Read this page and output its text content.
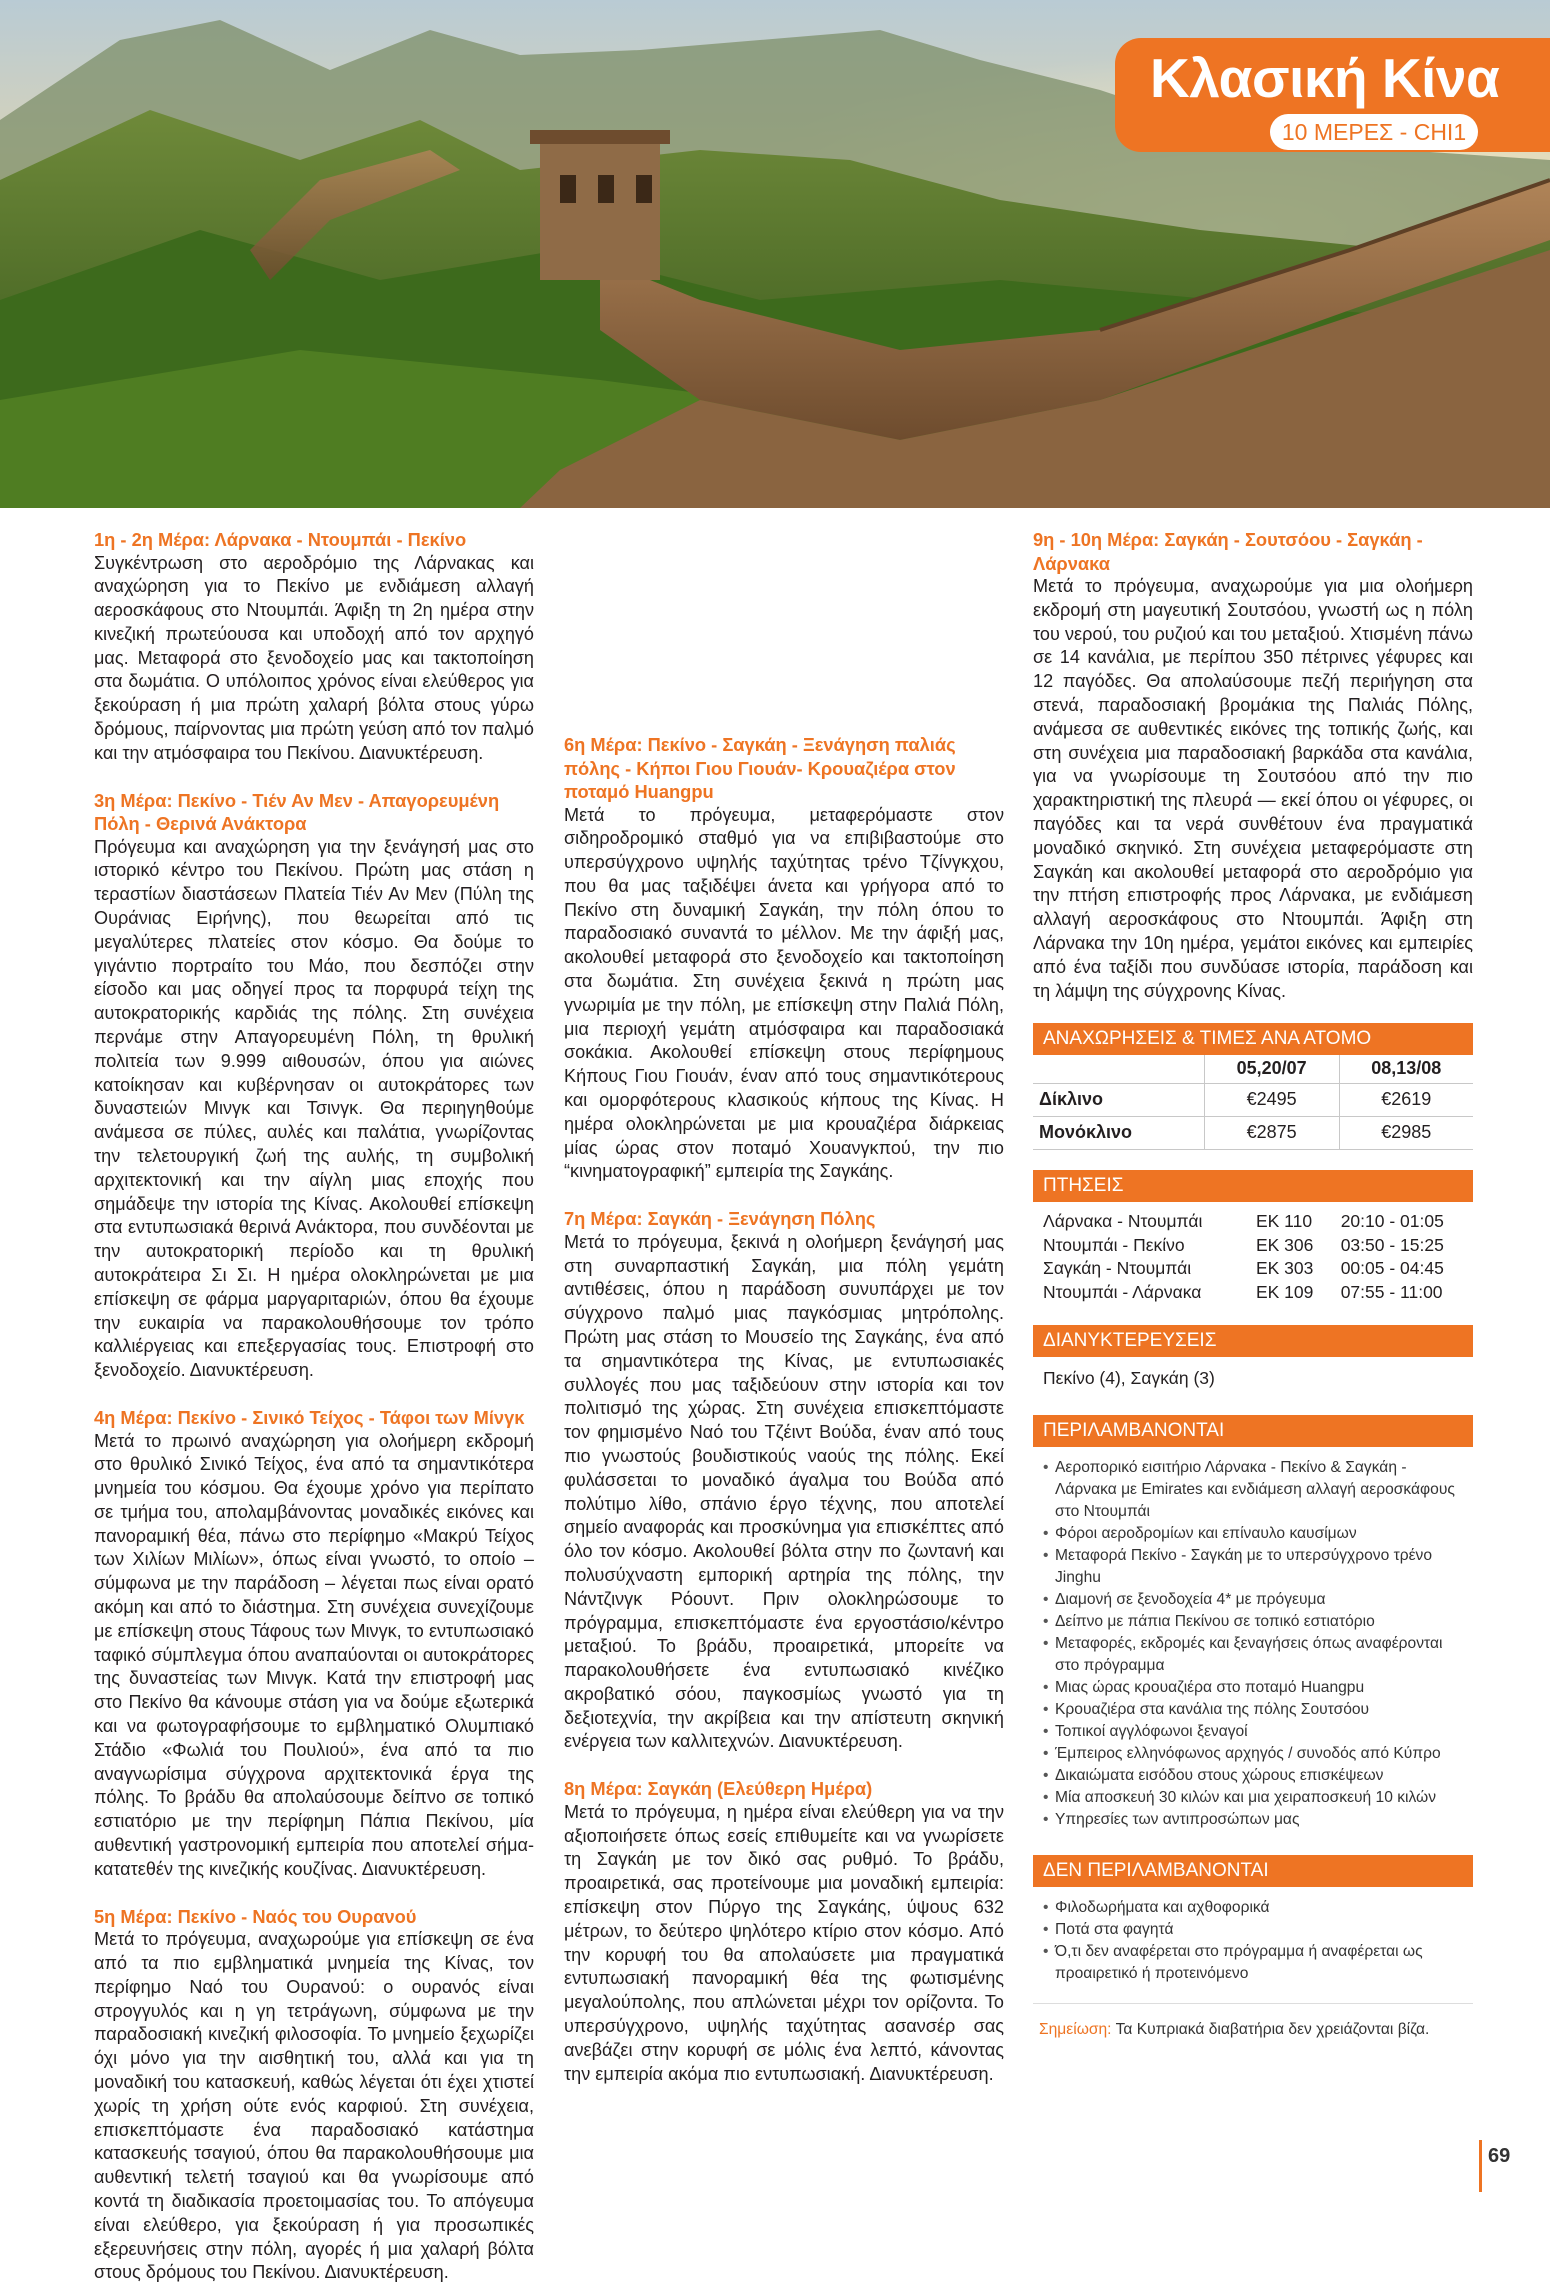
Κλασική Κίνα
10 ΜΕΡΕΣ - CHI1
1η - 2η Μέρα: Λάρνακα - Ντουμπάι - Πεκίνο

Συγκέντρωση στο αεροδρόμιο της Λάρνακας και αναχώρηση για το Πεκίνο με ενδιάμεση αλλαγή αεροσκάφους στο Ντουμπάι. Άφιξη τη 2η ημέρα στην κινεζική πρωτεύουσα και υποδοχή από τον αρχηγό μας. Μεταφορά στο ξενοδοχείο μας και τακτοποίηση στα δωμάτια. Ο υπόλοιπος χρόνος είναι ελεύθερος για ξεκούραση ή μια πρώτη χαλαρή βόλτα στους γύρω δρόμους, παίρνοντας μια πρώτη γεύση από τον παλμό και την ατμόσφαιρα του Πεκίνου. Διανυκτέρευση.

3η Μέρα: Πεκίνο - Τιέν Αν Μεν - Απαγορευμένη Πόλη - Θερινά Ανάκτορα

Πρόγευμα και αναχώρηση για την ξενάγησή μας στο ιστορικό κέντρο του Πεκίνου. Πρώτη μας στάση η τεραστίων διαστάσεων Πλατεία Τιέν Αν Μεν (Πύλη της Ουράνιας Ειρήνης), που θεωρείται από τις μεγαλύτερες πλατείες στον κόσμο. Θα δούμε το γιγάντιο πορτραίτο του Μάο, που δεσπόζει στην είσοδο και μας οδηγεί προς τα πορφυρά τείχη της αυτοκρατορικής καρδιάς της πόλης. Στη συνέχεια περνάμε στην Απαγορευμένη Πόλη, τη θρυλική πολιτεία των 9.999 αιθουσών, όπου για αιώνες κατοίκησαν και κυβέρνησαν οι αυτοκράτορες των δυναστειών Μινγκ και Τσινγκ. Θα περιηγηθούμε ανάμεσα σε πύλες, αυλές και παλάτια, γνωρίζοντας την τελετουργική ζωή της αυλής, τη συμβολική αρχιτεκτονική και την αίγλη μιας εποχής που σημάδεψε την ιστορία της Κίνας. Ακολουθεί επίσκεψη στα εντυπωσιακά θερινά Ανάκτορα, που συνδέονται με την αυτοκρατορική περίοδο και τη θρυλική αυτοκράτειρα Σι Σι. Η ημέρα ολοκληρώνεται με μια επίσκεψη σε φάρμα μαργαριταριών, όπου θα έχουμε την ευκαιρία να παρακολουθήσουμε τον τρόπο καλλιέργειας και επεξεργασίας τους. Επιστροφή στο ξενοδοχείο. Διανυκτέρευση.

4η Μέρα: Πεκίνο - Σινικό Τείχος - Τάφοι των Μίνγκ

Μετά το πρωινό αναχώρηση για ολοήμερη εκδρομή στο θρυλικό Σινικό Τείχος, ένα από τα σημαντικότερα μνημεία του κόσμου. Θα έχουμε χρόνο για περίπατο σε τμήμα του, απολαμβάνοντας μοναδικές εικόνες και πανοραμική θέα, πάνω στο περίφημο «Μακρύ Τείχος των Χιλίων Μιλίων», όπως είναι γνωστό, το οποίο – σύμφωνα με την παράδοση – λέγεται πως είναι ορατό ακόμη και από το διάστημα. Στη συνέχεια συνεχίζουμε με επίσκεψη στους Τάφους των Μινγκ, το εντυπωσιακό ταφικό σύμπλεγμα όπου αναπαύονται οι αυτοκράτορες της δυναστείας των Μινγκ. Κατά την επιστροφή μας στο Πεκίνο θα κάνουμε στάση για να δούμε εξωτερικά και να φωτογραφήσουμε το εμβληματικό Ολυμπιακό Στάδιο «Φωλιά του Πουλιού», ένα από τα πιο αναγνωρίσιμα σύγχρονα αρχιτεκτονικά έργα της πόλης. Το βράδυ θα απολαύσουμε δείπνο σε τοπικό εστιατόριο με την περίφημη Πάπια Πεκίνου, μία αυθεντική γαστρονομική εμπειρία που αποτελεί σήμα-κατατεθέν της κινεζικής κουζίνας. Διανυκτέρευση.

5η Μέρα: Πεκίνο - Ναός του Ουρανού

Μετά το πρόγευμα, αναχωρούμε για επίσκεψη σε ένα από τα πιο εμβληματικά μνημεία της Κίνας, τον περίφημο Ναό του Ουρανού: ο ουρανός είναι στρογγυλός και η γη τετράγωνη, σύμφωνα με την παραδοσιακή κινεζική φιλοσοφία. Το μνημείο ξεχωρίζει όχι μόνο για την αισθητική του, αλλά και για τη μοναδική του κατασκευή, καθώς λέγεται ότι έχει χτιστεί χωρίς τη χρήση ούτε ενός καρφιού. Στη συνέχεια, επισκεπτόμαστε ένα παραδοσιακό κατάστημα κατασκευής τσαγιού, όπου θα παρακολουθήσουμε μια αυθεντική τελετή τσαγιού και θα γνωρίσουμε από κοντά τη διαδικασία προετοιμασίας του. Το απόγευμα είναι ελεύθερο, για ξεκούραση ή για προσωπικές εξερευνήσεις στην πόλη, αγορές ή μια χαλαρή βόλτα στους δρόμους του Πεκίνου. Διανυκτέρευση.

6η Μέρα: Πεκίνο - Σαγκάη - Ξενάγηση παλιάς πόλης - Κήποι Γιου Γιουάν- Κρουαζιέρα στον ποταμό Huangpu

Μετά το πρόγευμα, μεταφερόμαστε στον σιδηροδρομικό σταθμό για να επιβιβαστούμε στο υπερσύγχρονο υψηλής ταχύτητας τρένο Τζίνγκχου, που θα μας ταξιδέψει άνετα και γρήγορα από το Πεκίνο στη δυναμική Σαγκάη, την πόλη όπου το παραδοσιακό συναντά το μέλλον. Με την άφιξή μας, ακολουθεί μεταφορά στο ξενοδοχείο και τακτοποίηση στα δωμάτια. Στη συνέχεια ξεκινά η πρώτη μας γνωριμία με την πόλη, με επίσκεψη στην Παλιά Πόλη, μια περιοχή γεμάτη ατμόσφαιρα και παραδοσιακά σοκάκια. Ακολουθεί επίσκεψη στους περίφημους Κήπους Γιου Γιουάν, έναν από τους σημαντικότερους και ομορφότερους κλασικούς κήπους της Κίνας. Η ημέρα ολοκληρώνεται με μια κρουαζιέρα διάρκειας μίας ώρας στον ποταμό Χουανγκπού, την πιο “κινηματογραφική” εμπειρία της Σαγκάης.

7η Μέρα: Σαγκάη - Ξενάγηση Πόλης

Μετά το πρόγευμα, ξεκινά η ολοήμερη ξενάγησή μας στη συναρπαστική Σαγκάη, μια πόλη γεμάτη αντιθέσεις, όπου η παράδοση συνυπάρχει με τον σύγχρονο παλμό μιας παγκόσμιας μητρόπολης. Πρώτη μας στάση το Μουσείο της Σαγκάης, ένα από τα σημαντικότερα της Κίνας, με εντυπωσιακές συλλογές που μας ταξιδεύουν στην ιστορία και τον πολιτισμό της χώρας. Στη συνέχεια επισκεπτόμαστε τον φημισμένο Ναό του Τζέιντ Βούδα, έναν από τους πιο γνωστούς βουδιστικούς ναούς της πόλης. Εκεί φυλάσσεται το μοναδικό άγαλμα του Βούδα από πολύτιμο λίθο, σπάνιο έργο τέχνης, που αποτελεί σημείο αναφοράς και προσκύνημα για επισκέπτες από όλο τον κόσμο. Ακολουθεί βόλτα στην πο ζωντανή και πολυσύχναστη εμπορική αρτηρία της πόλης, την Νάντζινγκ Ρόουντ. Πριν ολοκληρώσουμε το πρόγραμμα, επισκεπτόμαστε ένα εργοστάσιο/κέντρο μεταξιού. Το βράδυ, προαιρετικά, μπορείτε να παρακολουθήσετε ένα εντυπωσιακό κινέζικο ακροβατικό σόου, παγκοσμίως γνωστό για τη δεξιοτεχνία, την ακρίβεια και την απίστευτη σκηνική ενέργεια των καλλιτεχνών. Διανυκτέρευση.

8η Μέρα: Σαγκάη (Ελεύθερη Ημέρα)

Μετά το πρόγευμα, η ημέρα είναι ελεύθερη για να την αξιοποιήσετε όπως εσείς επιθυμείτε και να γνωρίσετε τη Σαγκάη με τον δικό σας ρυθμό. Το βράδυ, προαιρετικά, σας προτείνουμε μια μοναδική εμπειρία: επίσκεψη στον Πύργο της Σαγκάης, ύψους 632 μέτρων, το δεύτερο ψηλότερο κτίριο στον κόσμο. Από την κορυφή του θα απολαύσετε μια πραγματικά εντυπωσιακή πανοραμική θέα της φωτισμένης μεγαλούπολης, που απλώνεται μέχρι τον ορίζοντα. Το υπερσύγχρονο, υψηλής ταχύτητας ασανσέρ σας ανεβάζει στην κορυφή σε μόλις ένα λεπτό, κάνοντας την εμπειρία ακόμα πιο εντυπωσιακή. Διανυκτέρευση.

9η - 10η Μέρα: Σαγκάη - Σουτσόου - Σαγκάη - Λάρνακα

Μετά το πρόγευμα, αναχωρούμε για μια ολοήμερη εκδρομή στη μαγευτική Σουτσόου, γνωστή ως η πόλη του νερού, του ρυζιού και του μεταξιού. Χτισμένη πάνω σε 14 κανάλια, με περίπου 350 πέτρινες γέφυρες και 12 παγόδες. Θα απολαύσουμε πεζή περιήγηση στα στενά, παραδοσιακή βρομάκια της Παλιάς Πόλης, ανάμεσα σε αυθεντικές εικόνες της τοπικής ζωής, και στη συνέχεια μια παραδοσιακή βαρκάδα στα κανάλια, για να γνωρίσουμε τη Σουτσόου από την πιο χαρακτηριστική της πλευρά — εκεί όπου οι γέφυρες, οι παγόδες και τα νερά συνθέτουν ένα πραγματικά μοναδικό σκηνικό. Στη συνέχεια μεταφερόμαστε στη Σαγκάη και ακολουθεί μεταφορά στο αεροδρόμιο για την πτήση επιστροφής προς Λάρνακα, με ενδιάμεση αλλαγή αεροσκάφους στο Ντουμπάι. Άφιξη στη Λάρνακα την 10η ημέρα, γεμάτοι εικόνες και εμπειρίες από ένα ταξίδι που συνδύασε ιστορία, παράδοση και τη λάμψη της σύγχρονης Κίνας.

ΑΝΑΧΩΡΗΣΕΙΣ & ΤΙΜΕΣ ΑΝΑ ΑΤΟΜΟ
	05,20/07	08,13/08
Δίκλινο	€2495	€2619
Μονόκλινο	€2875	€2985
ΠΤΗΣΕΙΣ
Λάρνακα - Ντουμπάι	EK 110	20:10 - 01:05
Ντουμπάι - Πεκίνο	EK 306	03:50 - 15:25
Σαγκάη - Ντουμπάι	EK 303	00:05 - 04:45
Ντουμπάι - Λάρνακα	EK 109	07:55 - 11:00
ΔΙΑΝΥΚΤΕΡΕΥΣΕΙΣ
Πεκίνο (4), Σαγκάη (3)
ΠΕΡΙΛΑΜΒΑΝΟΝΤΑΙ
• Αεροπορικό εισιτήριο Λάρνακα - Πεκίνο & Σαγκάη - Λάρνακα με Emirates και ενδιάμεση αλλαγή αεροσκάφους στο Ντουμπάι
• Φόροι αεροδρομίων και επίναυλο καυσίμων
• Μεταφορά Πεκίνο - Σαγκάη με το υπερσύγχρονο τρένο Jinghu
• Διαμονή σε ξενοδοχεία 4* με πρόγευμα
• Δείπνο με πάπια Πεκίνου σε τοπικό εστιατόριο
• Μεταφορές, εκδρομές και ξεναγήσεις όπως αναφέρονται στο πρόγραμμα
• Μιας ώρας κρουαζιέρα στο ποταμό Huangpu
• Κρουαζιέρα στα κανάλια της πόλης Σουτσόου
• Τοπικοί αγγλόφωνοι ξεναγοί
• Έμπειρος ελληνόφωνος αρχηγός / συνοδός από Κύπρο
• Δικαιώματα εισόδου στους χώρους επισκέψεων
• Μία αποσκευή 30 κιλών και μια χειραποσκευή 10 κιλών
• Υπηρεσίες των αντιπροσώπων μας
ΔΕΝ ΠΕΡΙΛΑΜΒΑΝΟΝΤΑΙ
• Φιλοδωρήματα και αχθοφορικά
• Ποτά στα φαγητά
• Ό,τι δεν αναφέρεται στο πρόγραμμα ή αναφέρεται ως προαιρετικό ή προτεινόμενο
Σημείωση: Τα Κυπριακά διαβατήρια δεν χρειάζονται βίζα.
69
